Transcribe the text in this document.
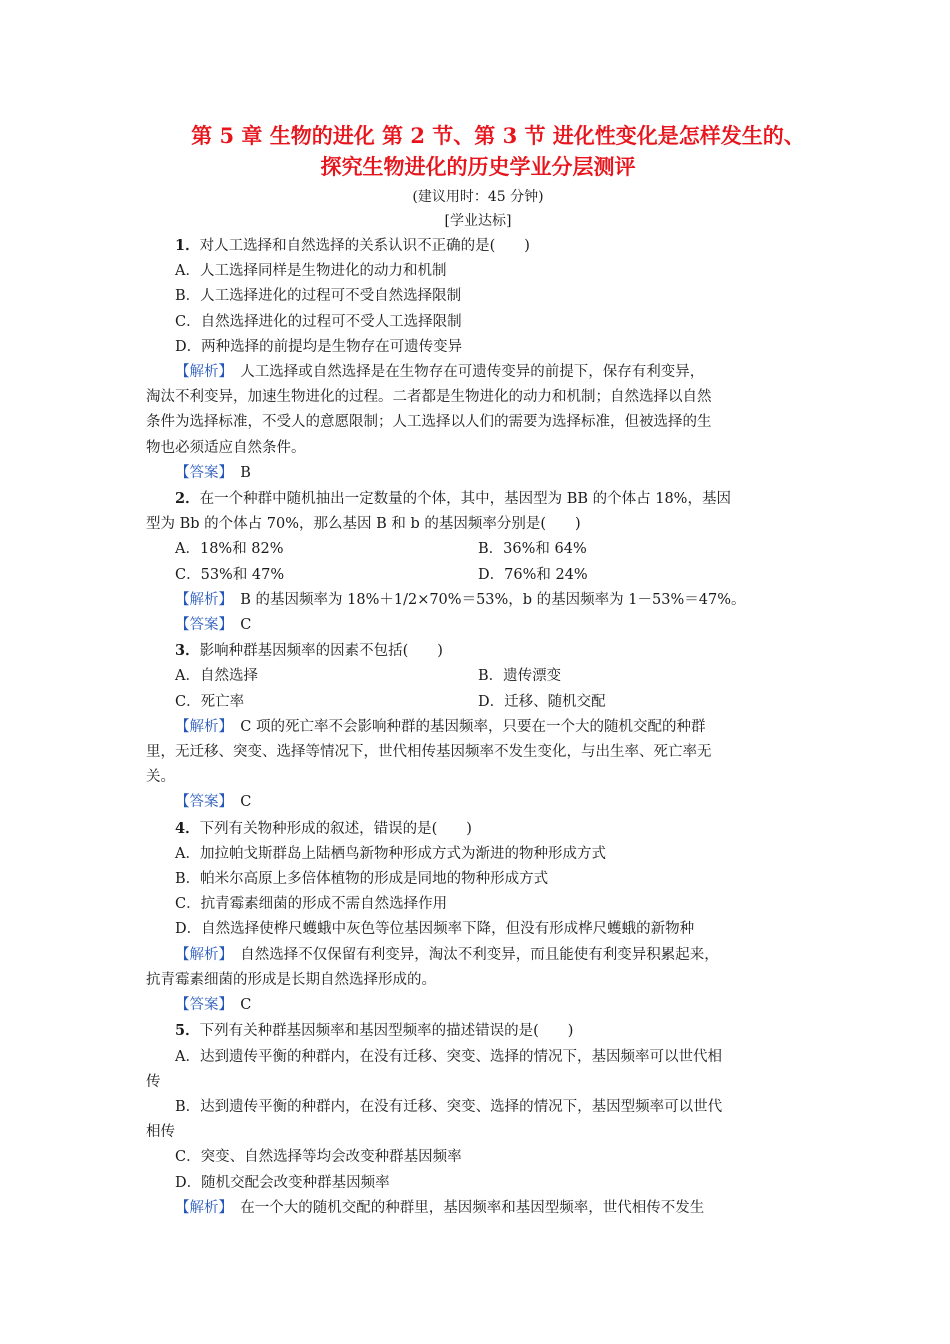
第 5 章 生物的进化 第 2 节、第 3 节 进化性变化是怎样发生的、
探究生物进化的历史学业分层测评
(建议用时：45 分钟)
[学业达标]
1．对人工选择和自然选择的关系认识不正确的是(　　)
A．人工选择同样是生物进化的动力和机制
B．人工选择进化的过程可不受自然选择限制
C．自然选择进化的过程可不受人工选择限制
D．两种选择的前提均是生物存在可遗传变异
【解析】　人工选择或自然选择是在生物存在可遗传变异的前提下，保存有利变异，
淘汰不利变异，加速生物进化的过程。二者都是生物进化的动力和机制；自然选择以自然
条件为选择标准，不受人的意愿限制；人工选择以人们的需要为选择标准，但被选择的生
物也必须适应自然条件。
【答案】　B
2．在一个种群中随机抽出一定数量的个体，其中，基因型为 BB 的个体占 18%，基因
型为 Bb 的个体占 70%，那么基因 B 和 b 的基因频率分别是(　　)
A．18%和 82%	B．36%和 64%
C．53%和 47%	D．76%和 24%
【解析】　B 的基因频率为 18%＋1/2×70%＝53%，b 的基因频率为 1－53%＝47%。
【答案】　C
3．影响种群基因频率的因素不包括(　　)
A．自然选择	B．遗传漂变
C．死亡率	D．迁移、随机交配
【解析】　C 项的死亡率不会影响种群的基因频率，只要在一个大的随机交配的种群
里，无迁移、突变、选择等情况下，世代相传基因频率不发生变化，与出生率、死亡率无
关。
【答案】　C
4．下列有关物种形成的叙述，错误的是(　　)
A．加拉帕戈斯群岛上陆栖鸟新物种形成方式为渐进的物种形成方式
B．帕米尔高原上多倍体植物的形成是同地的物种形成方式
C．抗青霉素细菌的形成不需自然选择作用
D．自然选择使桦尺蠖蛾中灰色等位基因频率下降，但没有形成桦尺蠖蛾的新物种
【解析】　自然选择不仅保留有利变异，淘汰不利变异，而且能使有利变异积累起来，
抗青霉素细菌的形成是长期自然选择形成的。
【答案】　C
5．下列有关种群基因频率和基因型频率的描述错误的是(　　)
A．达到遗传平衡的种群内，在没有迁移、突变、选择的情况下，基因频率可以世代相
传
B．达到遗传平衡的种群内，在没有迁移、突变、选择的情况下，基因型频率可以世代
相传
C．突变、自然选择等均会改变种群基因频率
D．随机交配会改变种群基因频率
【解析】　在一个大的随机交配的种群里，基因频率和基因型频率，世代相传不发生
